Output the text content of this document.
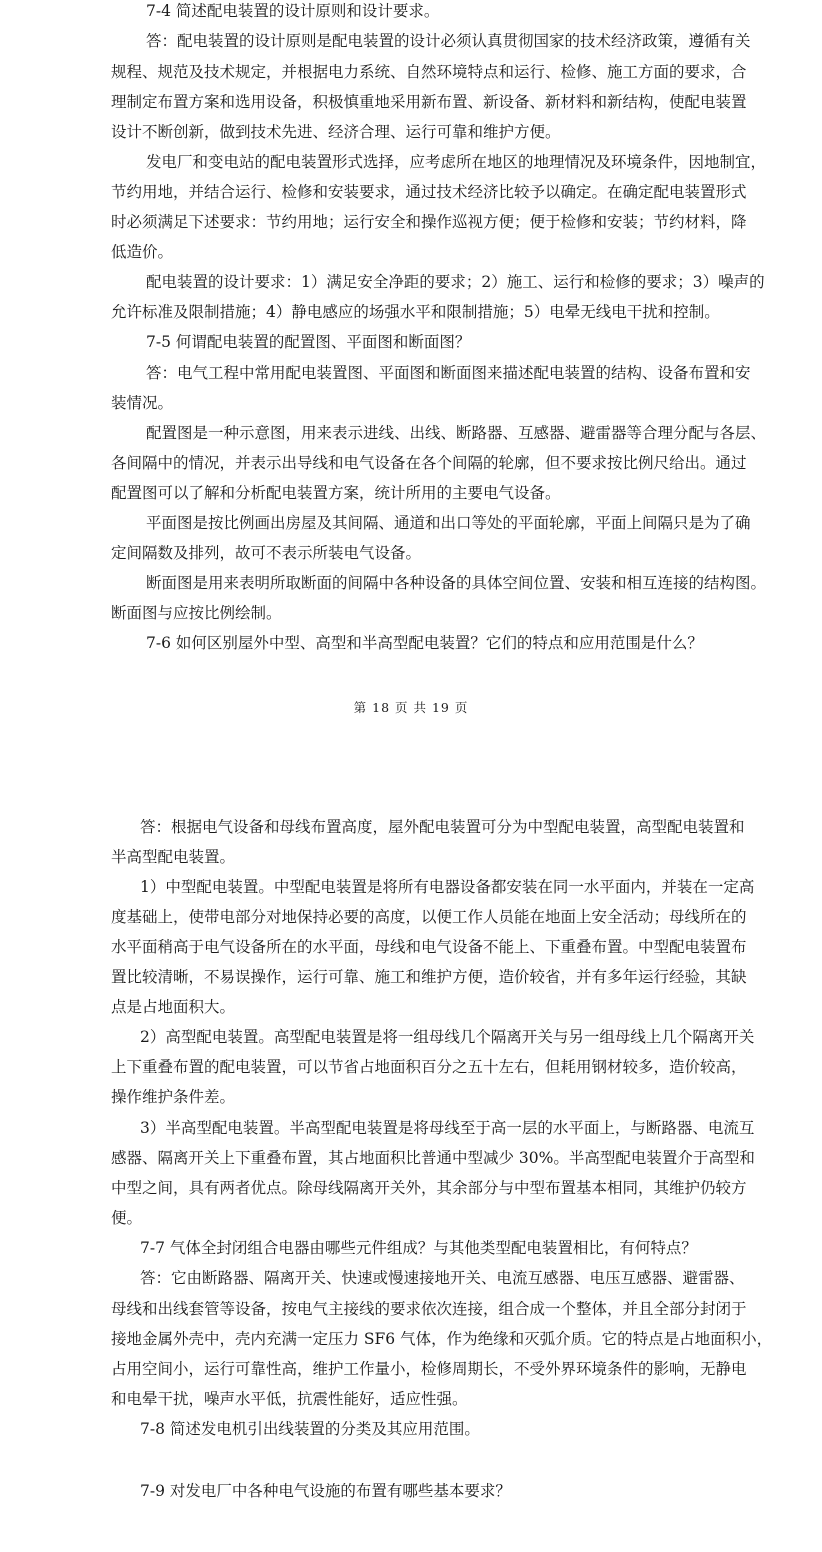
7-4 简述配电装置的设计原则和设计要求。
答：配电装置的设计原则是配电装置的设计必须认真贯彻国家的技术经济政策，遵循有关
规程、规范及技术规定，并根据电力系统、自然环境特点和运行、检修、施工方面的要求，合
理制定布置方案和选用设备，积极慎重地采用新布置、新设备、新材料和新结构，使配电装置
设计不断创新，做到技术先进、经济合理、运行可靠和维护方便。
发电厂和变电站的配电装置形式选择，应考虑所在地区的地理情况及环境条件，因地制宜，
节约用地，并结合运行、检修和安装要求，通过技术经济比较予以确定。在确定配电装置形式
时必须满足下述要求：节约用地；运行安全和操作巡视方便；便于检修和安装；节约材料，降
低造价。
配电装置的设计要求：1）满足安全净距的要求；2）施工、运行和检修的要求；3）噪声的
允许标准及限制措施；4）静电感应的场强水平和限制措施；5）电晕无线电干扰和控制。
7-5 何谓配电装置的配置图、平面图和断面图？
答：电气工程中常用配电装置图、平面图和断面图来描述配电装置的结构、设备布置和安
装情况。
配置图是一种示意图，用来表示进线、出线、断路器、互感器、避雷器等合理分配与各层、
各间隔中的情况，并表示出导线和电气设备在各个间隔的轮廓，但不要求按比例尺给出。通过
配置图可以了解和分析配电装置方案，统计所用的主要电气设备。
平面图是按比例画出房屋及其间隔、通道和出口等处的平面轮廓，平面上间隔只是为了确
定间隔数及排列，故可不表示所装电气设备。
断面图是用来表明所取断面的间隔中各种设备的具体空间位置、安装和相互连接的结构图。
断面图与应按比例绘制。
7-6 如何区别屋外中型、高型和半高型配电装置？它们的特点和应用范围是什么？
第 18 页 共 19 页
答：根据电气设备和母线布置高度，屋外配电装置可分为中型配电装置，高型配电装置和
半高型配电装置。
1）中型配电装置。中型配电装置是将所有电器设备都安装在同一水平面内，并装在一定高
度基础上，使带电部分对地保持必要的高度，以便工作人员能在地面上安全活动；母线所在的
水平面稍高于电气设备所在的水平面，母线和电气设备不能上、下重叠布置。中型配电装置布
置比较清晰，不易误操作，运行可靠、施工和维护方便，造价较省，并有多年运行经验，其缺
点是占地面积大。
2）高型配电装置。高型配电装置是将一组母线几个隔离开关与另一组母线上几个隔离开关
上下重叠布置的配电装置，可以节省占地面积百分之五十左右，但耗用钢材较多，造价较高，
操作维护条件差。
3）半高型配电装置。半高型配电装置是将母线至于高一层的水平面上，与断路器、电流互
感器、隔离开关上下重叠布置，其占地面积比普通中型减少 30%。半高型配电装置介于高型和
中型之间，具有两者优点。除母线隔离开关外，其余部分与中型布置基本相同，其维护仍较方
便。
7-7 气体全封闭组合电器由哪些元件组成？与其他类型配电装置相比，有何特点？
答：它由断路器、隔离开关、快速或慢速接地开关、电流互感器、电压互感器、避雷器、
母线和出线套管等设备，按电气主接线的要求依次连接，组合成一个整体，并且全部分封闭于
接地金属外壳中，壳内充满一定压力 SF6 气体，作为绝缘和灭弧介质。它的特点是占地面积小，
占用空间小，运行可靠性高，维护工作量小，检修周期长，不受外界环境条件的影响，无静电
和电晕干扰，噪声水平低，抗震性能好，适应性强。
7-8 简述发电机引出线装置的分类及其应用范围。
7-9 对发电厂中各种电气设施的布置有哪些基本要求？
